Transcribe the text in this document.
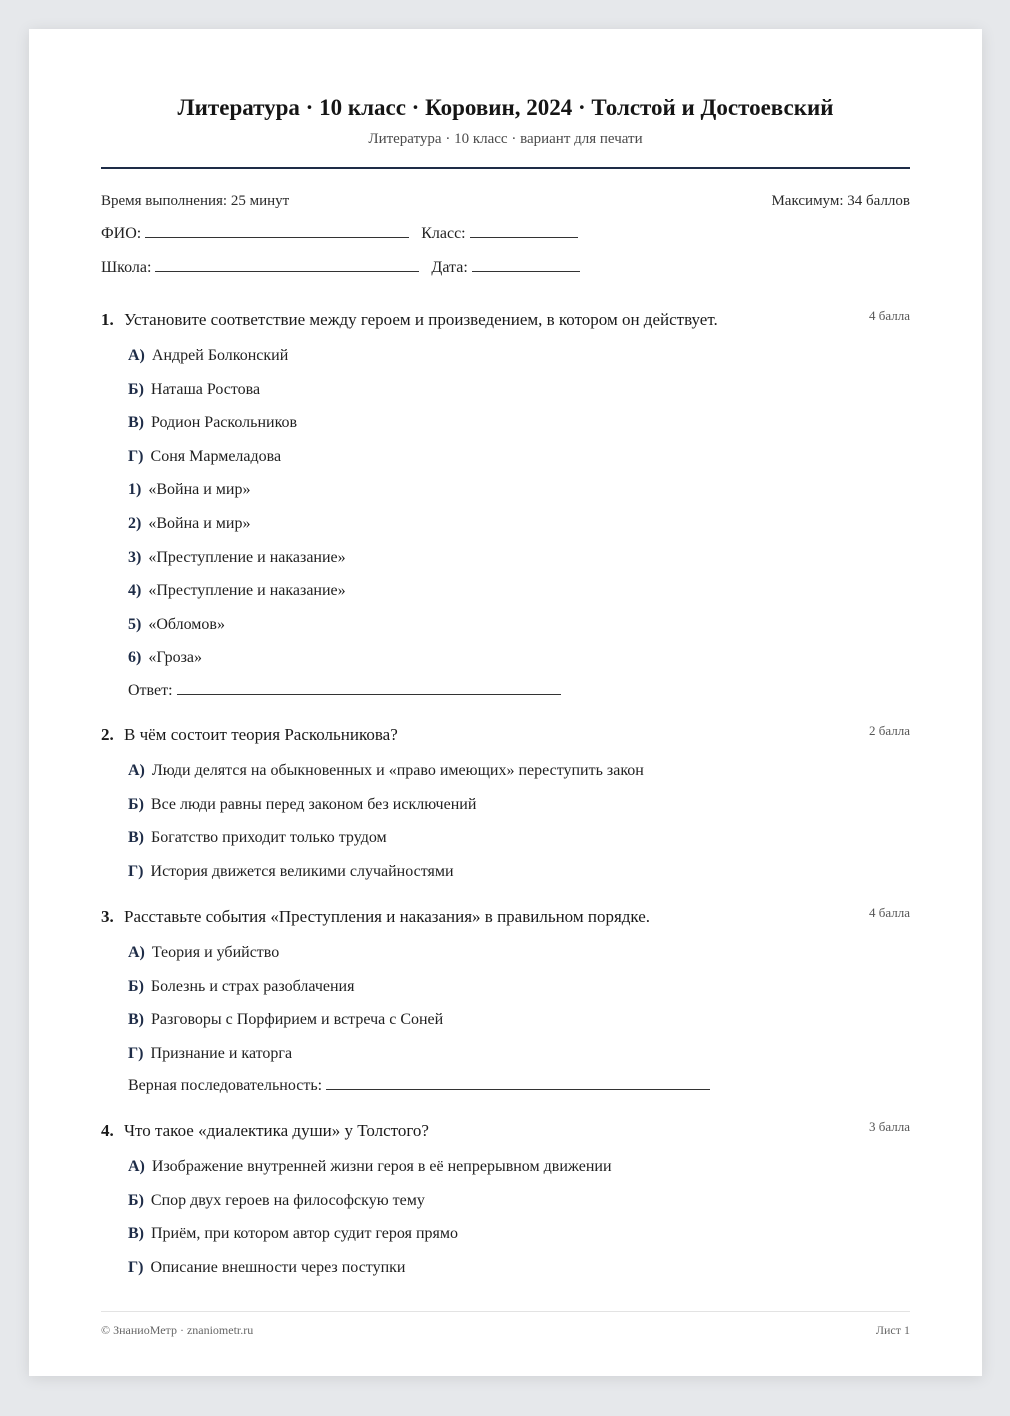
Литература · 10 класс · Коровин, 2024 · Толстой и Достоевский
Литература · 10 класс · вариант для печати
Время выполнения: 25 минут	Максимум: 34 баллов
ФИО:	Класс:
Школа:	Дата:
1. Установите соответствие между героем и произведением, в котором он действует.	4 балла
А) Андрей Болконский
Б) Наташа Ростова
В) Родион Раскольников
Г) Соня Мармеладова
1) «Война и мир»
2) «Война и мир»
3) «Преступление и наказание»
4) «Преступление и наказание»
5) «Обломов»
6) «Гроза»
Ответ:
2. В чём состоит теория Раскольникова?	2 балла
А) Люди делятся на обыкновенных и «право имеющих» переступить закон
Б) Все люди равны перед законом без исключений
В) Богатство приходит только трудом
Г) История движется великими случайностями
3. Расставьте события «Преступления и наказания» в правильном порядке.	4 балла
А) Теория и убийство
Б) Болезнь и страх разоблачения
В) Разговоры с Порфирием и встреча с Соней
Г) Признание и каторга
Верная последовательность:
4. Что такое «диалектика души» у Толстого?	3 балла
А) Изображение внутренней жизни героя в её непрерывном движении
Б) Спор двух героев на философскую тему
В) Приём, при котором автор судит героя прямо
Г) Описание внешности через поступки
© ЗнаниоМетр · znaniometr.ru	Лист 1
